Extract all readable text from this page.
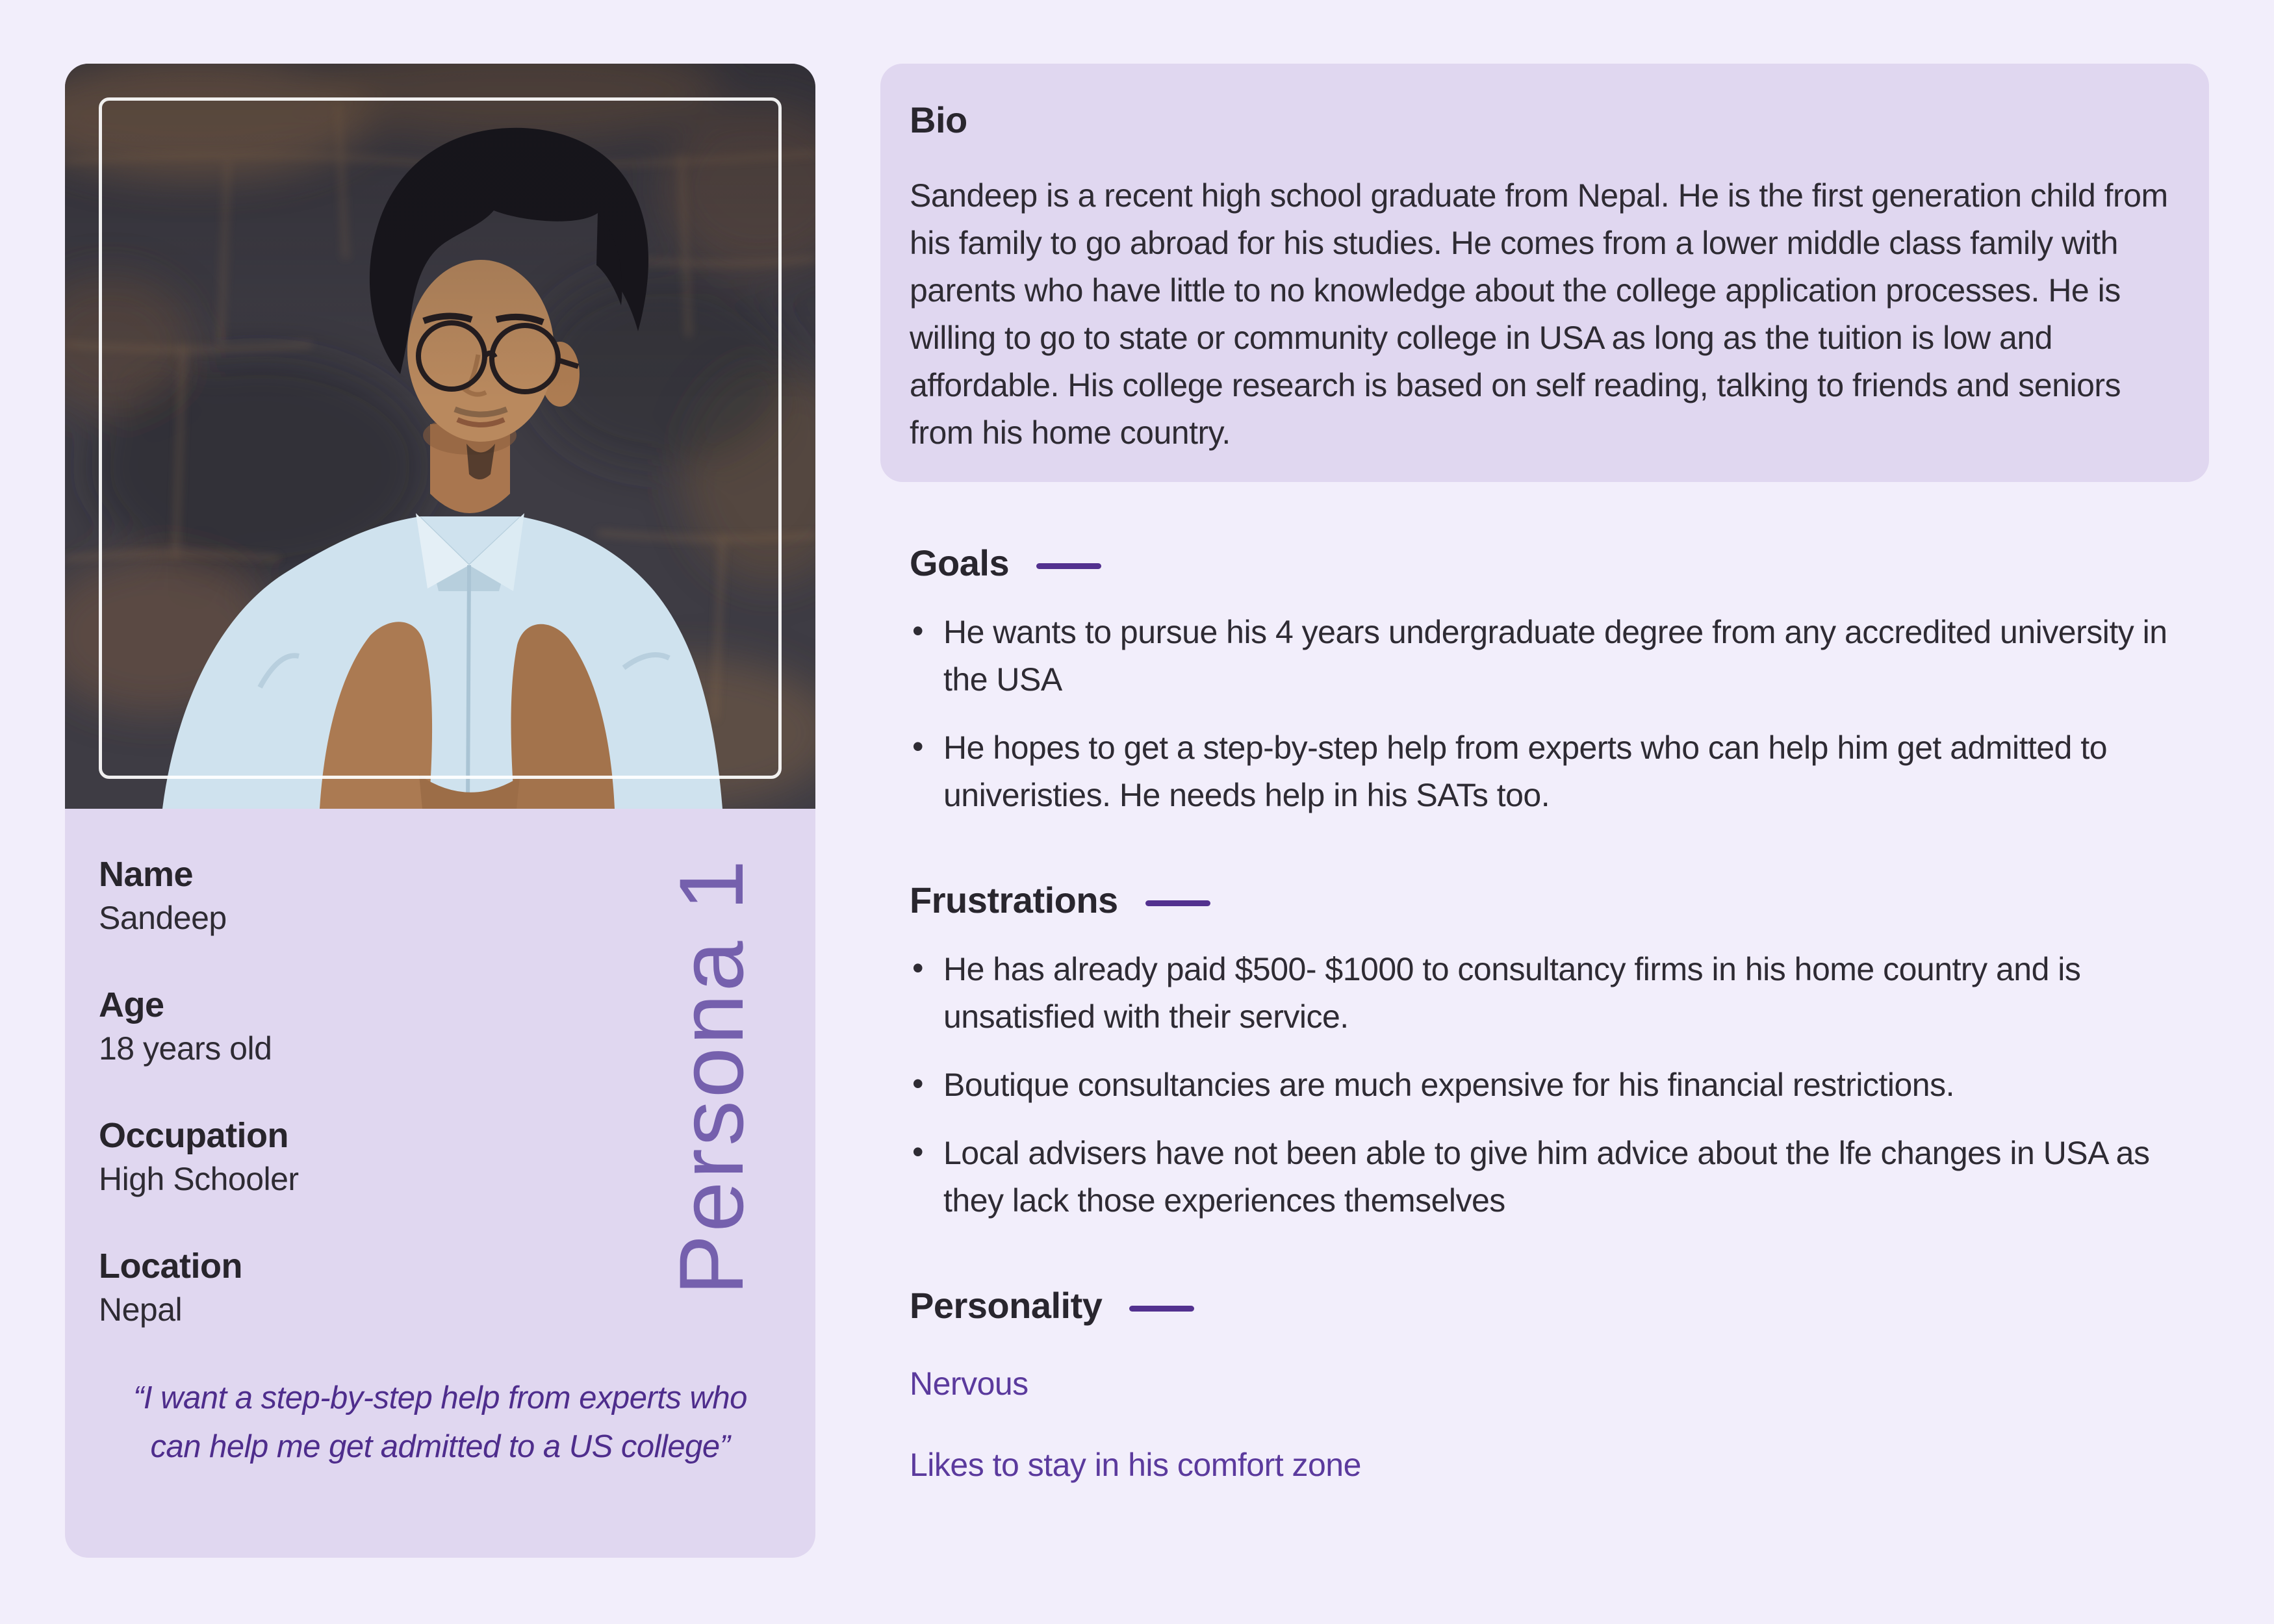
Name
Sandeep
Age
18 years old
Occupation
High Schooler
Location
Nepal
“I want a step-by-step help from experts who can help me get admitted to a US college”
Persona 1
Bio

Sandeep is a recent high school graduate from Nepal. He is the first generation child from his family to go abroad for his studies. He comes from a lower middle class family with parents who have little to no knowledge about the college application processes. He is willing to go to state or community college in USA as long as the tuition is low and affordable. His college research is based on self reading, talking to friends and seniors from his home country.

Goals
• He wants to pursue his 4 years undergraduate degree from any accredited university in the USA
• He hopes to get a step-by-step help from experts who can help him get admitted to univeristies. He needs help in his SATs too.
Frustrations
• He has already paid $500- $1000 to consultancy firms in his home country and is unsatisfied with their service.
• Boutique consultancies are much expensive for his financial restrictions.
• Local advisers have not been able to give him advice about the lfe changes in USA as they lack those experiences themselves
Personality
Nervous
Likes to stay in his comfort zone
